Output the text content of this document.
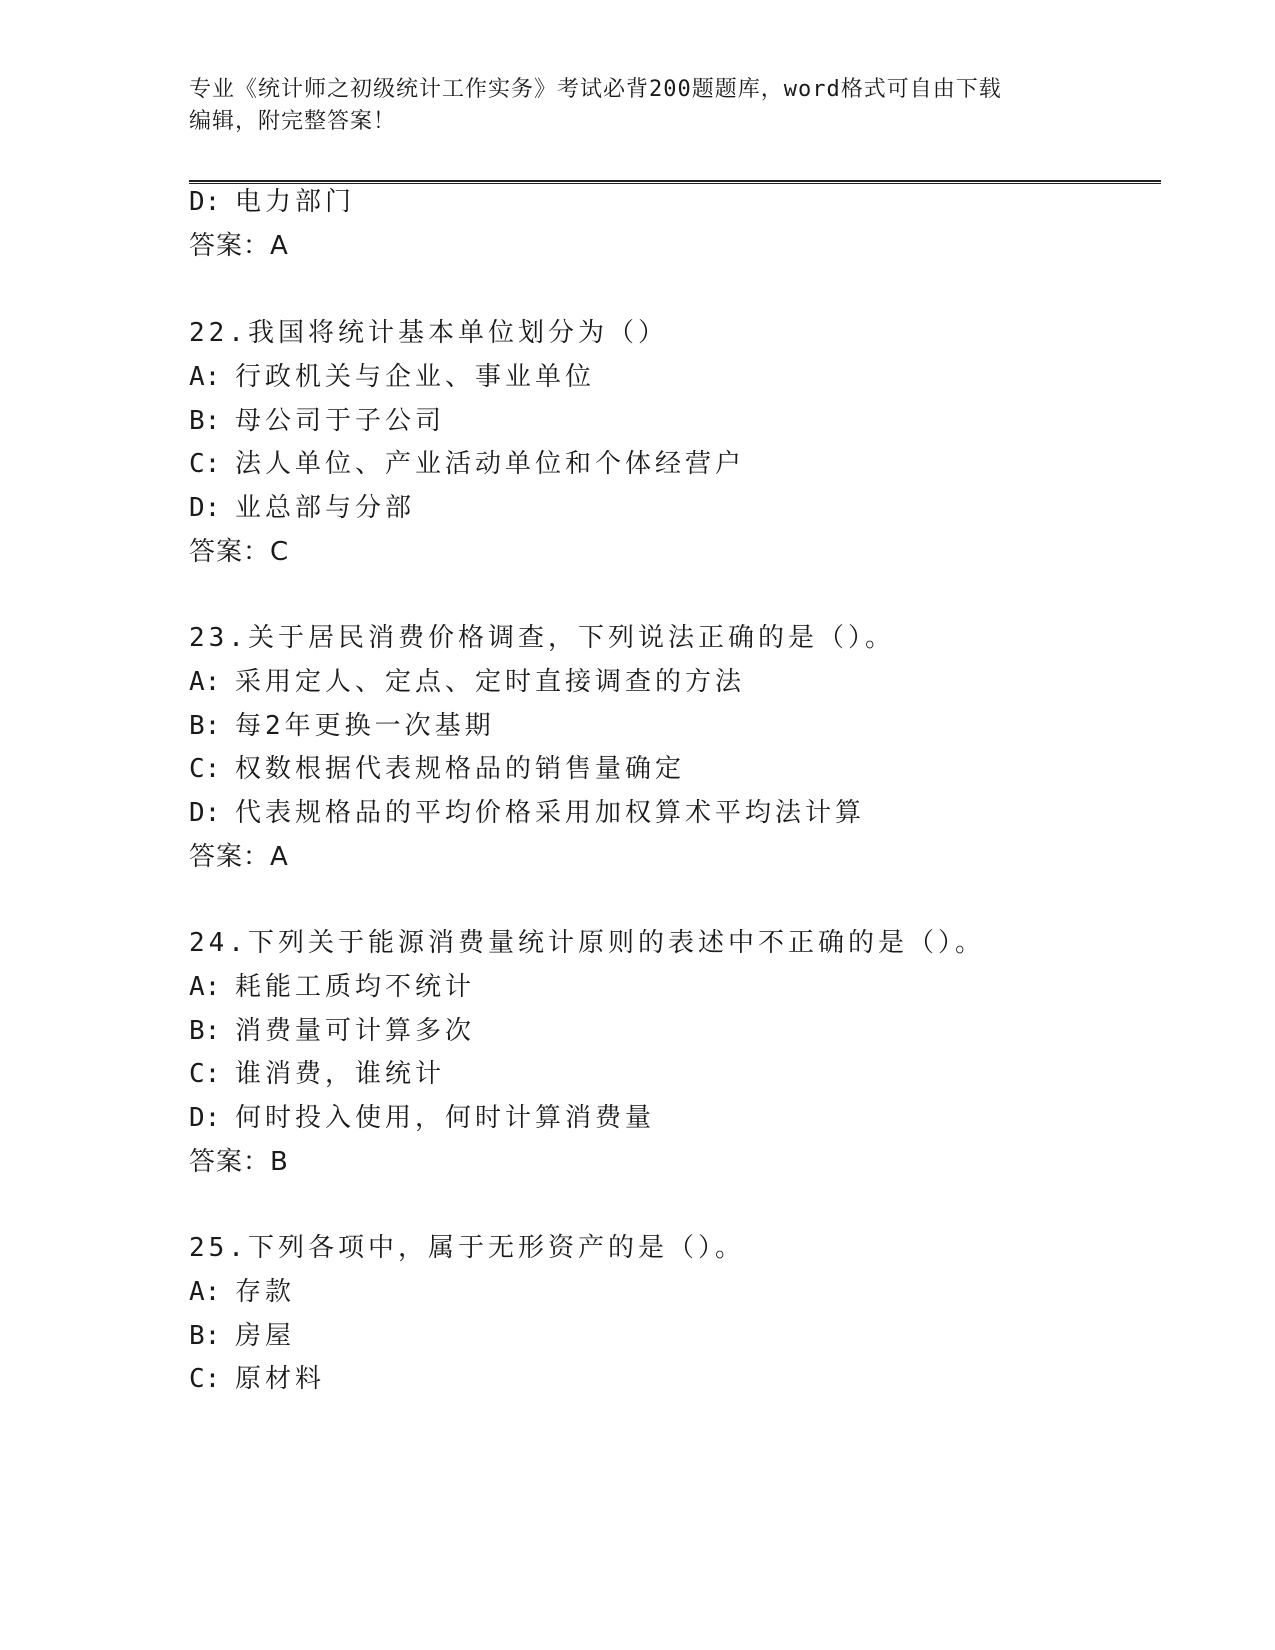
专业《统计师之初级统计工作实务》考试必背200题题库，word格式可自由下载
编辑，附完整答案！
D: 电力部门
答案：A
22.我国将统计基本单位划分为（）
A: 行政机关与企业、事业单位
B: 母公司于子公司
C: 法人单位、产业活动单位和个体经营户
D: 业总部与分部
答案：C
23.关于居民消费价格调查，下列说法正确的是（）。
A: 采用定人、定点、定时直接调查的方法
B: 每2年更换一次基期
C: 权数根据代表规格品的销售量确定
D: 代表规格品的平均价格采用加权算术平均法计算
答案：A
24.下列关于能源消费量统计原则的表述中不正确的是（）。
A: 耗能工质均不统计
B: 消费量可计算多次
C: 谁消费，谁统计
D: 何时投入使用，何时计算消费量
答案：B
25.下列各项中，属于无形资产的是（）。
A: 存款
B: 房屋
C: 原材料
